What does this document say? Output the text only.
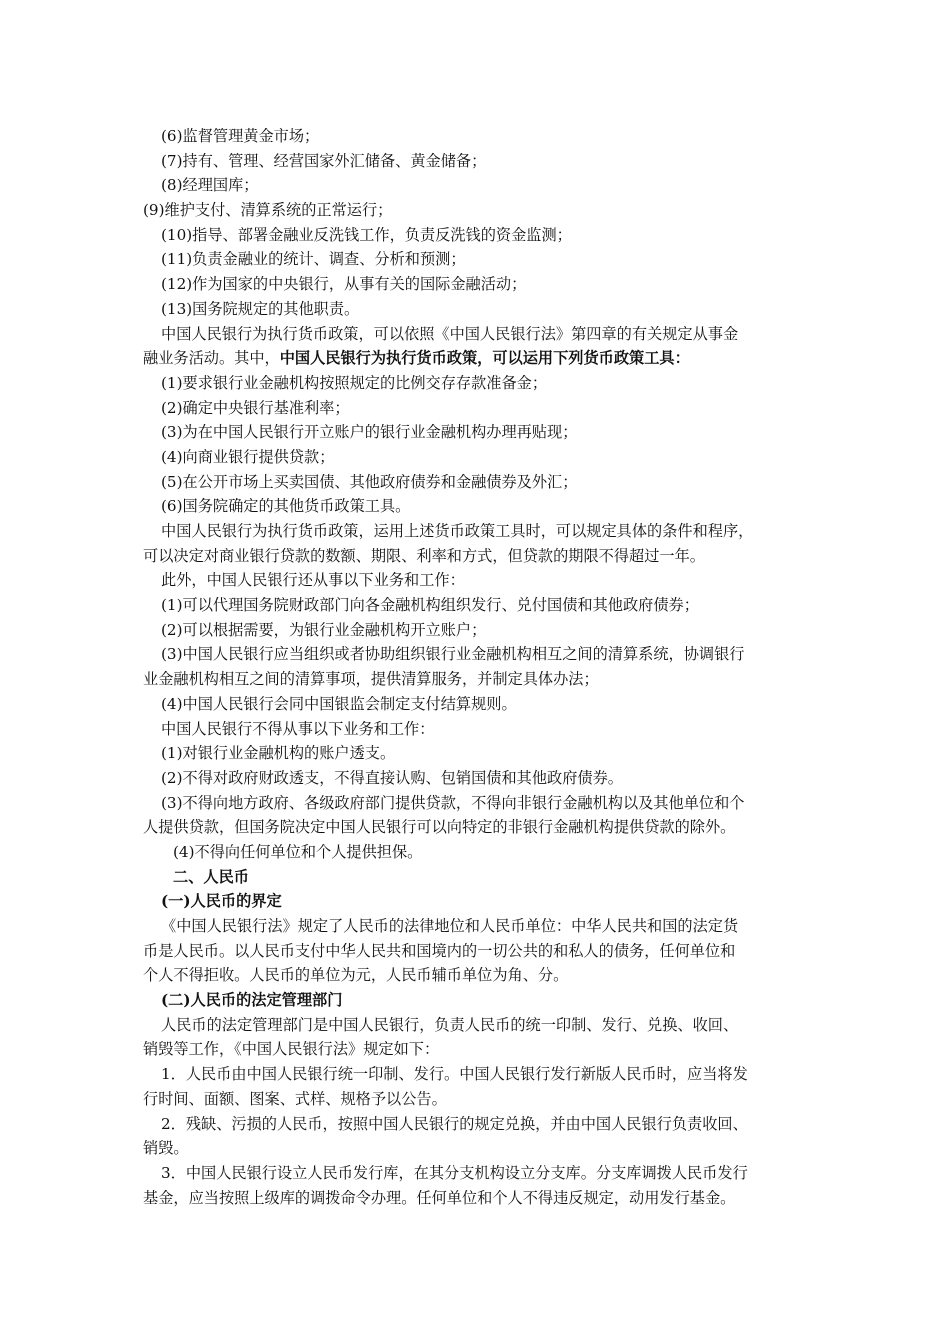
(6)监督管理黄金市场；
(7)持有、管理、经营国家外汇储备、黄金储备；
(8)经理国库；
(9)维护支付、清算系统的正常运行；
(10)指导、部署金融业反洗钱工作，负责反洗钱的资金监测；
(11)负责金融业的统计、调查、分析和预测；
(12)作为国家的中央银行，从事有关的国际金融活动；
(13)国务院规定的其他职责。
中国人民银行为执行货币政策，可以依照《中国人民银行法》第四章的有关规定从事金
融业务活动。其中，中国人民银行为执行货币政策，可以运用下列货币政策工具：
(1)要求银行业金融机构按照规定的比例交存存款准备金；
(2)确定中央银行基准利率；
(3)为在中国人民银行开立账户的银行业金融机构办理再贴现；
(4)向商业银行提供贷款；
(5)在公开市场上买卖国债、其他政府债券和金融债券及外汇；
(6)国务院确定的其他货币政策工具。
中国人民银行为执行货币政策，运用上述货币政策工具时，可以规定具体的条件和程序，
可以决定对商业银行贷款的数额、期限、利率和方式，但贷款的期限不得超过一年。
此外，中国人民银行还从事以下业务和工作：
(1)可以代理国务院财政部门向各金融机构组织发行、兑付国债和其他政府债券；
(2)可以根据需要，为银行业金融机构开立账户；
(3)中国人民银行应当组织或者协助组织银行业金融机构相互之间的清算系统，协调银行
业金融机构相互之间的清算事项，提供清算服务，并制定具体办法；
(4)中国人民银行会同中国银监会制定支付结算规则。
中国人民银行不得从事以下业务和工作：
(1)对银行业金融机构的账户透支。
(2)不得对政府财政透支，不得直接认购、包销国债和其他政府债券。
(3)不得向地方政府、各级政府部门提供贷款，不得向非银行金融机构以及其他单位和个
人提供贷款，但国务院决定中国人民银行可以向特定的非银行金融机构提供贷款的除外。
(4)不得向任何单位和个人提供担保。
二、人民币
(一)人民币的界定
《中国人民银行法》规定了人民币的法律地位和人民币单位：中华人民共和国的法定货
币是人民币。以人民币支付中华人民共和国境内的一切公共的和私人的债务，任何单位和
个人不得拒收。人民币的单位为元，人民币辅币单位为角、分。
(二)人民币的法定管理部门
人民币的法定管理部门是中国人民银行，负责人民币的统一印制、发行、兑换、收回、
销毁等工作，《中国人民银行法》规定如下：
1．人民币由中国人民银行统一印制、发行。中国人民银行发行新版人民币时，应当将发
行时间、面额、图案、式样、规格予以公告。
2．残缺、污损的人民币，按照中国人民银行的规定兑换，并由中国人民银行负责收回、
销毁。
3．中国人民银行设立人民币发行库，在其分支机构设立分支库。分支库调拨人民币发行
基金，应当按照上级库的调拨命令办理。任何单位和个人不得违反规定，动用发行基金。
